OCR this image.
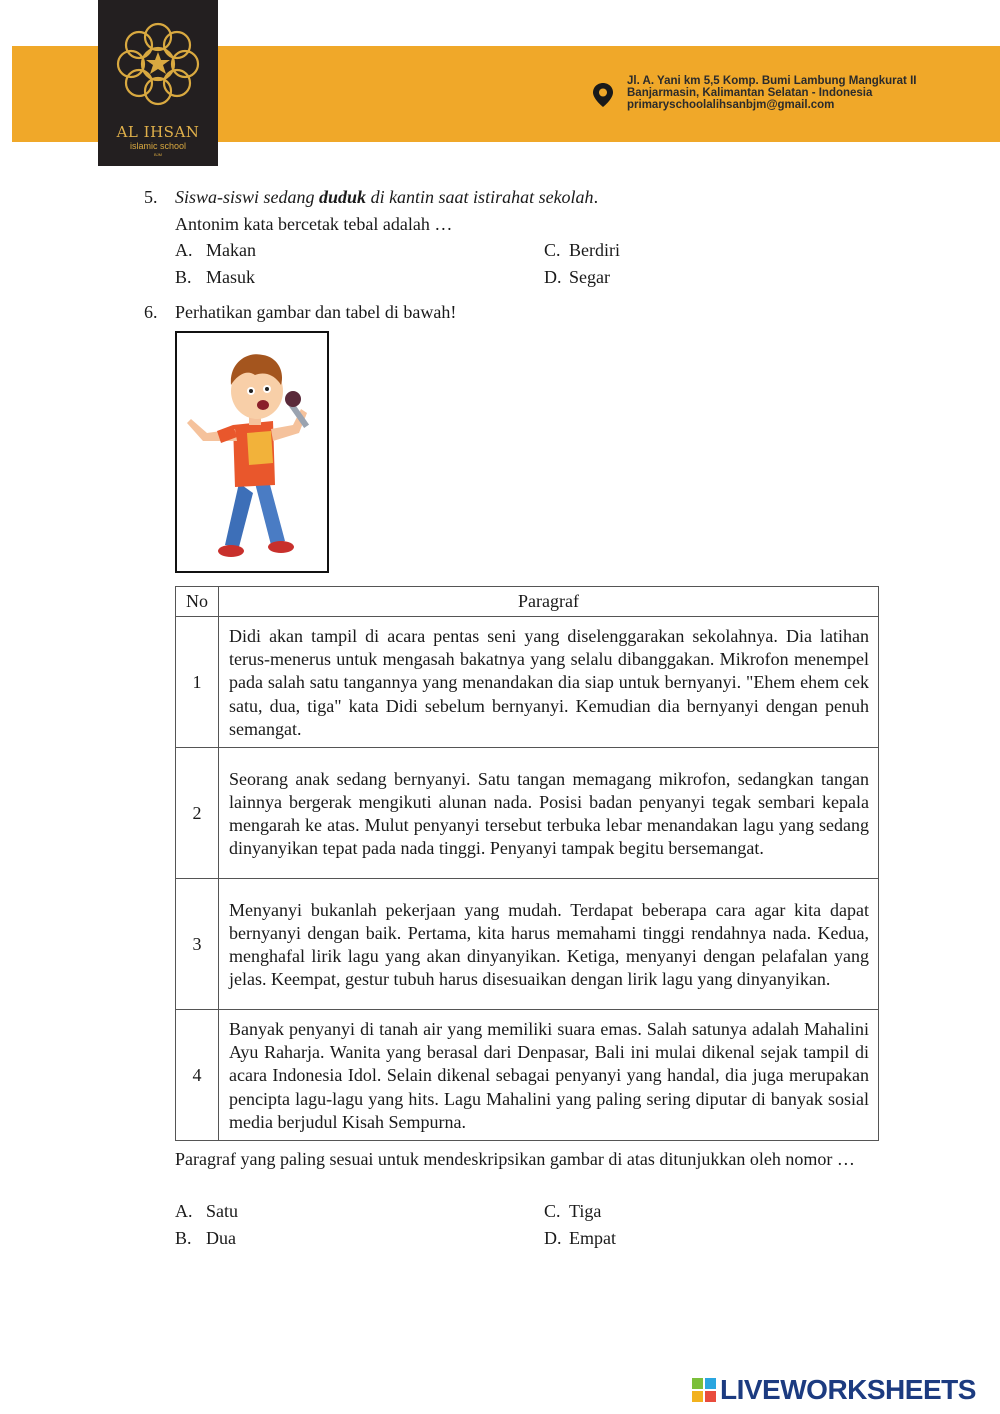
AL IHSAN
islamic school
BJM
Jl. A. Yani km 5,5 Komp. Bumi Lambung Mangkurat II
Banjarmasin, Kalimantan Selatan - Indonesia
primaryschoolalihsanbjm@gmail.com
5. Siswa-siswi sedang duduk di kantin saat istirahat sekolah.
Antonim kata bercetak tebal adalah …
A. Makan
B. Masuk
C. Berdiri
D. Segar
6. Perhatikan gambar dan tabel di bawah!
No	Paragraf
1	Didi akan tampil di acara pentas seni yang diselenggarakan sekolahnya. Dia latihan terus-menerus untuk mengasah bakatnya yang selalu dibanggakan. Mikrofon menempel pada salah satu tangannya yang menandakan dia siap untuk bernyanyi. "Ehem ehem cek satu, dua, tiga" kata Didi sebelum bernyanyi. Kemudian dia bernyanyi dengan penuh semangat.
2	Seorang anak sedang bernyanyi. Satu tangan memagang mikrofon, sedangkan tangan lainnya bergerak mengikuti alunan nada. Posisi badan penyanyi tegak sembari kepala mengarah ke atas. Mulut penyanyi tersebut terbuka lebar menandakan lagu yang sedang dinyanyikan tepat pada nada tinggi. Penyanyi tampak begitu bersemangat.
3	Menyanyi bukanlah pekerjaan yang mudah. Terdapat beberapa cara agar kita dapat bernyanyi dengan baik. Pertama, kita harus memahami tinggi rendahnya nada. Kedua, menghafal lirik lagu yang akan dinyanyikan. Ketiga, menyanyi dengan pelafalan yang jelas. Keempat, gestur tubuh harus disesuaikan dengan lirik lagu yang dinyanyikan.
4	Banyak penyanyi di tanah air yang memiliki suara emas. Salah satunya adalah Mahalini Ayu Raharja. Wanita yang berasal dari Denpasar, Bali ini mulai dikenal sejak tampil di acara Indonesia Idol. Selain dikenal sebagai penyanyi yang handal, dia juga merupakan pencipta lagu-lagu yang hits. Lagu Mahalini yang paling sering diputar di banyak sosial media berjudul Kisah Sempurna.
Paragraf yang paling sesuai untuk mendeskripsikan gambar di atas ditunjukkan oleh nomor …
A. Satu
B. Dua
C. Tiga
D. Empat
LIVEWORKSHEETS
